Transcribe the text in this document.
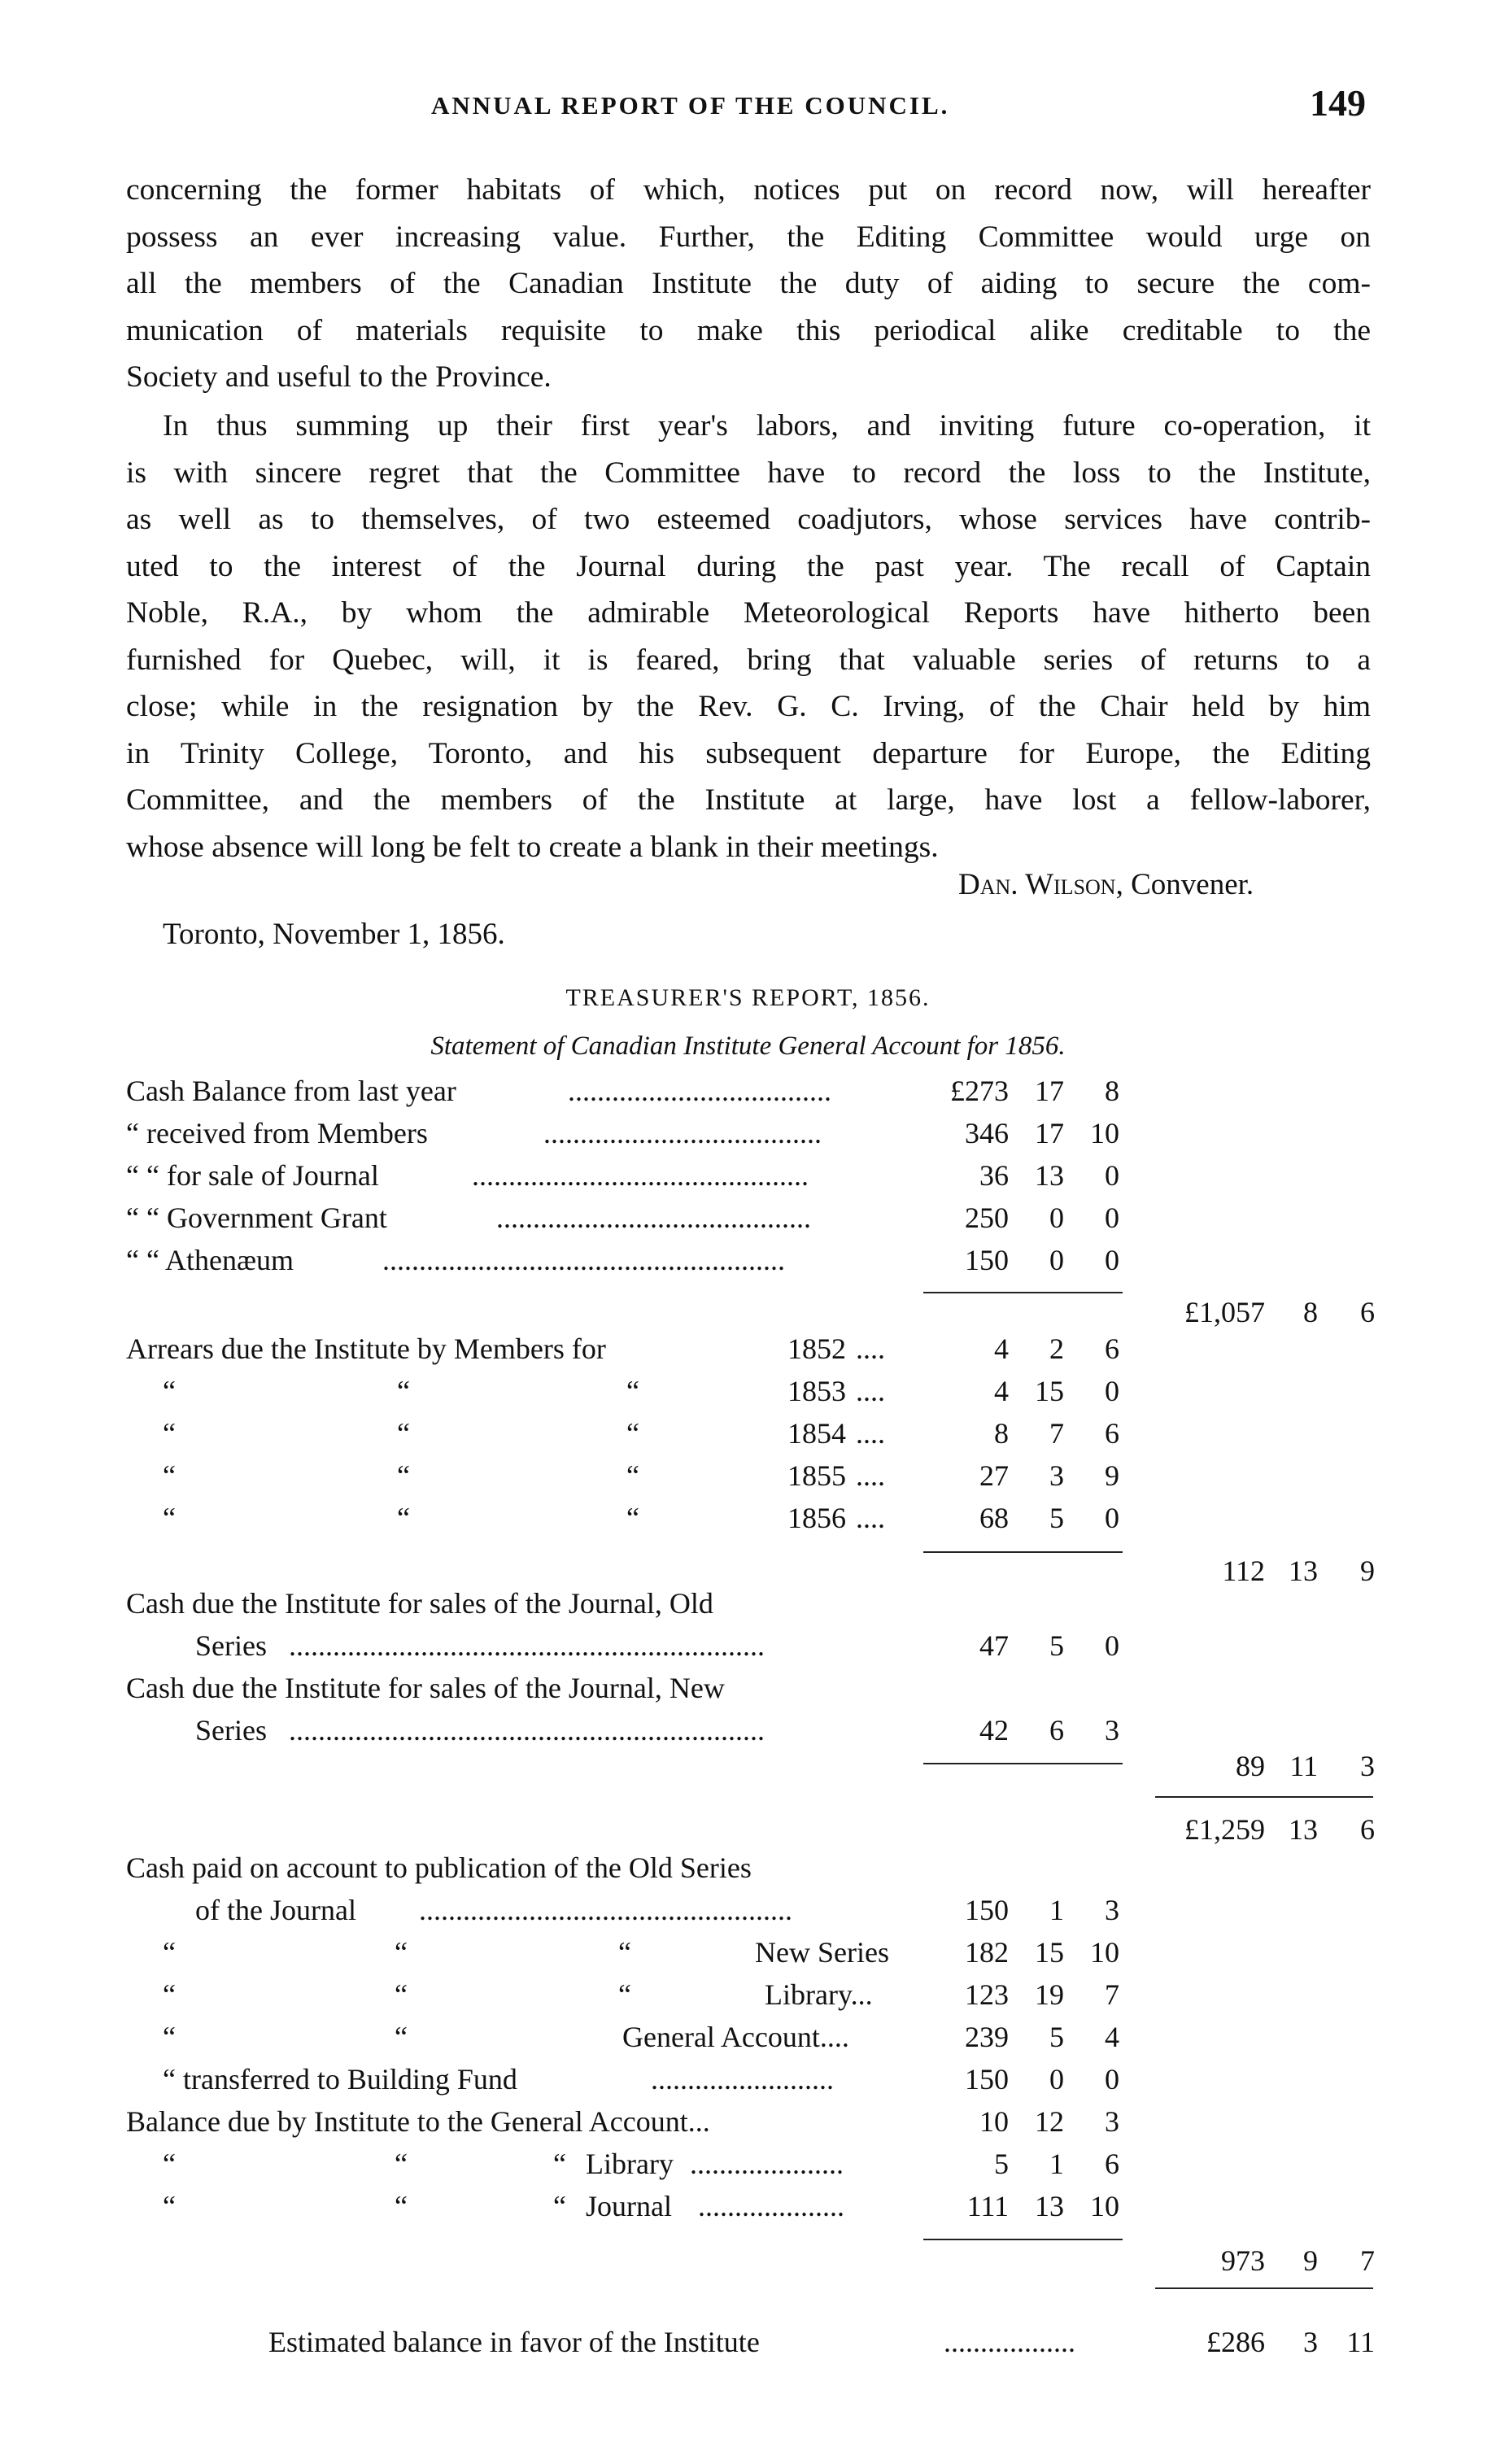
ANNUAL REPORT OF THE COUNCIL.	149
concerning the former habitats of which, notices put on record now, will hereafter
possess an ever increasing value. Further, the Editing Committee would urge on
all the members of the Canadian Institute the duty of aiding to secure the com-
munication of materials requisite to make this periodical alike creditable to the
Society and useful to the Province.
In thus summing up their first year's labors, and inviting future co-operation, it
is with sincere regret that the Committee have to record the loss to the Institute,
as well as to themselves, of two esteemed coadjutors, whose services have contrib-
uted to the interest of the Journal during the past year. The recall of Captain
Noble, R.A., by whom the admirable Meteorological Reports have hitherto been
furnished for Quebec, will, it is feared, bring that valuable series of returns to a
close; while in the resignation by the Rev. G. C. Irving, of the Chair held by him
in Trinity College, Toronto, and his subsequent departure for Europe, the Editing
Committee, and the members of the Institute at large, have lost a fellow-laborer,
whose absence will long be felt to create a blank in their meetings.
Dan. Wilson, Convener.
Toronto, November 1, 1856.
TREASURER'S REPORT, 1856.
Statement of Canadian Institute General Account for 1856.
Cash Balance from last year	....................................	£273 17	8
“ received from Members	......................................	346 17 10
“ “ for sale of Journal	..............................................	36 13	0
“ “ Government Grant	...........................................	250	0	0
“ “ Athenæum	.......................................................	150	0	0
£1,057	8	6
Arrears due the Institute by Members for	1852 ....	4	2	6
“	“	“	1853 ....	4 15	0
“	“	“	1854 ....	8	7	6
“	“	“	1855 ....	27	3	9
“	“	“	1856 ....	68	5	0
112 13	9
Cash due the Institute for sales of the Journal, Old
Series .................................................................	47	5	0
Cash due the Institute for sales of the Journal, New
Series .................................................................	42	6	3
89 11	3
£1,259 13	6
Cash paid on account to publication of the Old Series
of the Journal ...................................................	150	1	3
“	“	“	New Series	182 15 10
“	“	“	Library...	123 19	7
“	“	General Account....	239	5	4
“ transferred to Building Fund	.........................	150	0	0
Balance due by Institute to the General Account...	10 12	3
“	“	“ Library .....................	5	1	6
“	“	“ Journal ....................	111 13 10
973	9	7
Estimated balance in favor of the Institute	..................	£286	3 11
